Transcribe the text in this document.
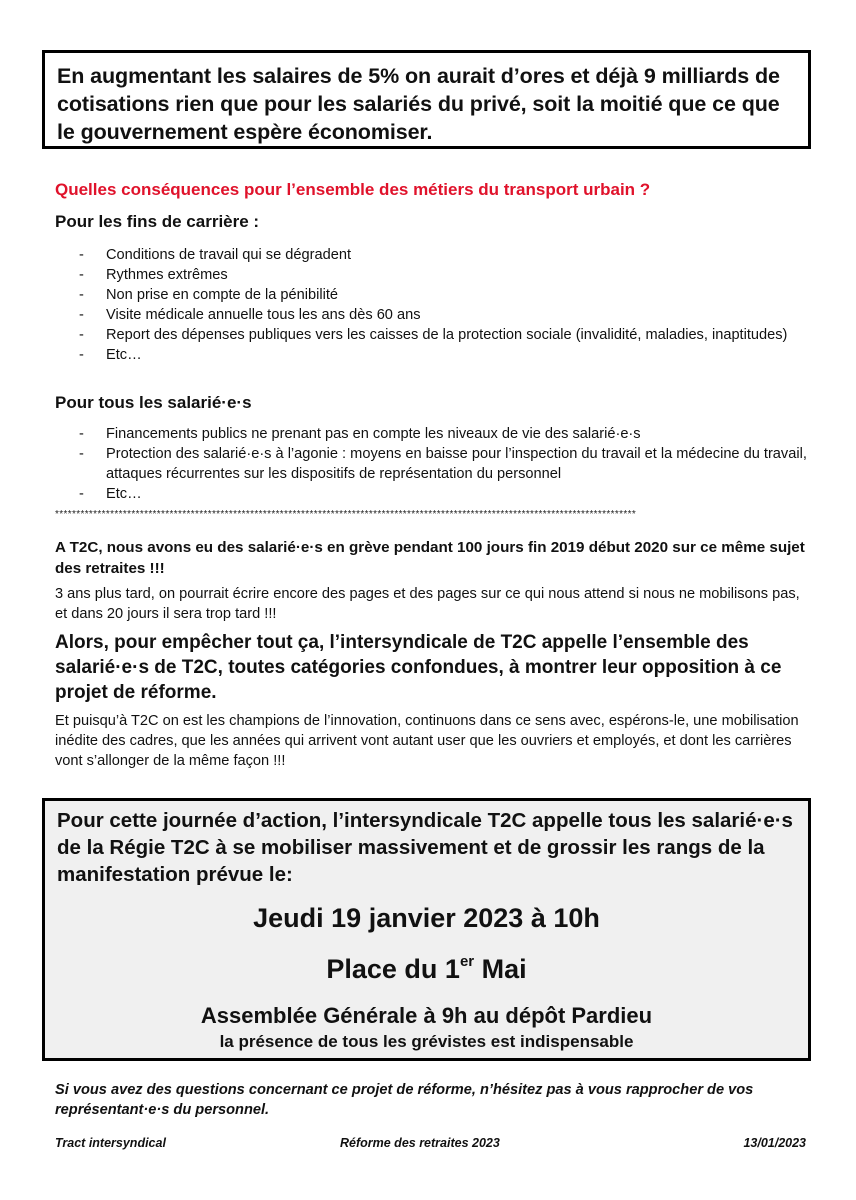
En augmentant les salaires de 5% on aurait d’ores et déjà 9 milliards de cotisations rien que pour les salariés du privé, soit la moitié que ce que le gouvernement espère économiser.
Quelles conséquences pour l’ensemble des métiers du transport urbain ?
Pour les fins de carrière :
- Conditions de travail qui se dégradent
- Rythmes extrêmes
- Non prise en compte de la pénibilité
- Visite médicale annuelle tous les ans dès 60 ans
- Report des dépenses publiques vers les caisses de la protection sociale (invalidité, maladies, inaptitudes)
- Etc…
Pour tous les salarié·e·s
- Financements publics ne prenant pas en compte les niveaux de vie des salarié·e·s
- Protection des salarié·e·s à l’agonie : moyens en baisse pour l’inspection du travail et la médecine du travail, attaques récurrentes sur les dispositifs de représentation du personnel
- Etc…
*****************************************************************************************************************************************
A T2C, nous avons eu des salarié·e·s en grève pendant 100 jours fin 2019 début 2020 sur ce même sujet des retraites !!!
3 ans plus tard, on pourrait écrire encore des pages et des pages sur ce qui nous attend si nous ne mobilisons pas, et dans 20 jours il sera trop tard !!!
Alors, pour empêcher tout ça, l’intersyndicale de T2C appelle l’ensemble des salarié·e·s de T2C, toutes catégories confondues, à montrer leur opposition à ce projet de réforme.
Et puisqu’à T2C on est les champions de l’innovation, continuons dans ce sens avec, espérons-le, une mobilisation inédite des cadres, que les années qui arrivent vont autant user que les ouvriers et employés, et dont les carrières vont s’allonger de la même façon !!!
Pour cette journée d’action, l’intersyndicale T2C appelle tous les salarié·e·s de la Régie T2C à se mobiliser massivement et de grossir les rangs de la manifestation prévue le:
Jeudi 19 janvier 2023 à 10h
Place du 1er Mai
Assemblée Générale à 9h au dépôt Pardieu
la présence de tous les grévistes est indispensable
Si vous avez des questions concernant ce projet de réforme, n’hésitez pas à vous rapprocher de vos représentant·e·s du personnel.
Tract intersyndical	Réforme des retraites 2023	13/01/2023
